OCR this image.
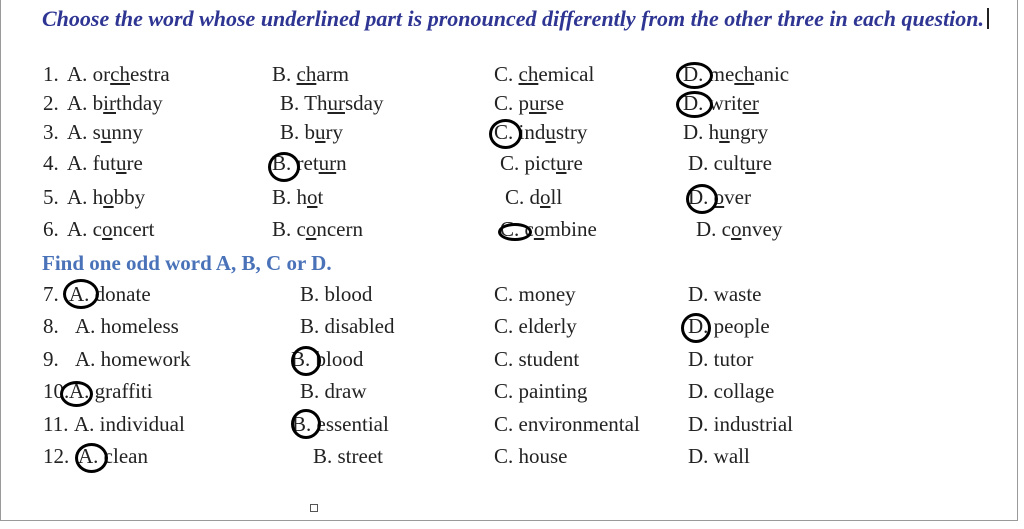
Choose the word whose underlined part is pronounced differently from the other three in each question.

1. A. orchestra	B. charm	C. chemical	D. mechanic
2. A. birthday	B. Thursday	C. purse	D. writer
3. A. sunny	B. bury	C. industry	D. hungry
4. A. future	B. return	C. picture	D. culture
5. A. hobby	B. hot	C. doll	D. over
6. A. concert	B. concern	C. combine	D. convey
Find one odd word A, B, C or D.
7. A. donate	B. blood	C. money	D. waste
8. A. homeless	B. disabled	C. elderly	D. people
9. A. homework	B. blood	C. student	D. tutor
10. A. graffiti	B. draw	C. painting	D. collage
11. A. individual	B. essential	C. environmental D. industrial
12. A. clean	B. street	C. house	D. wall
